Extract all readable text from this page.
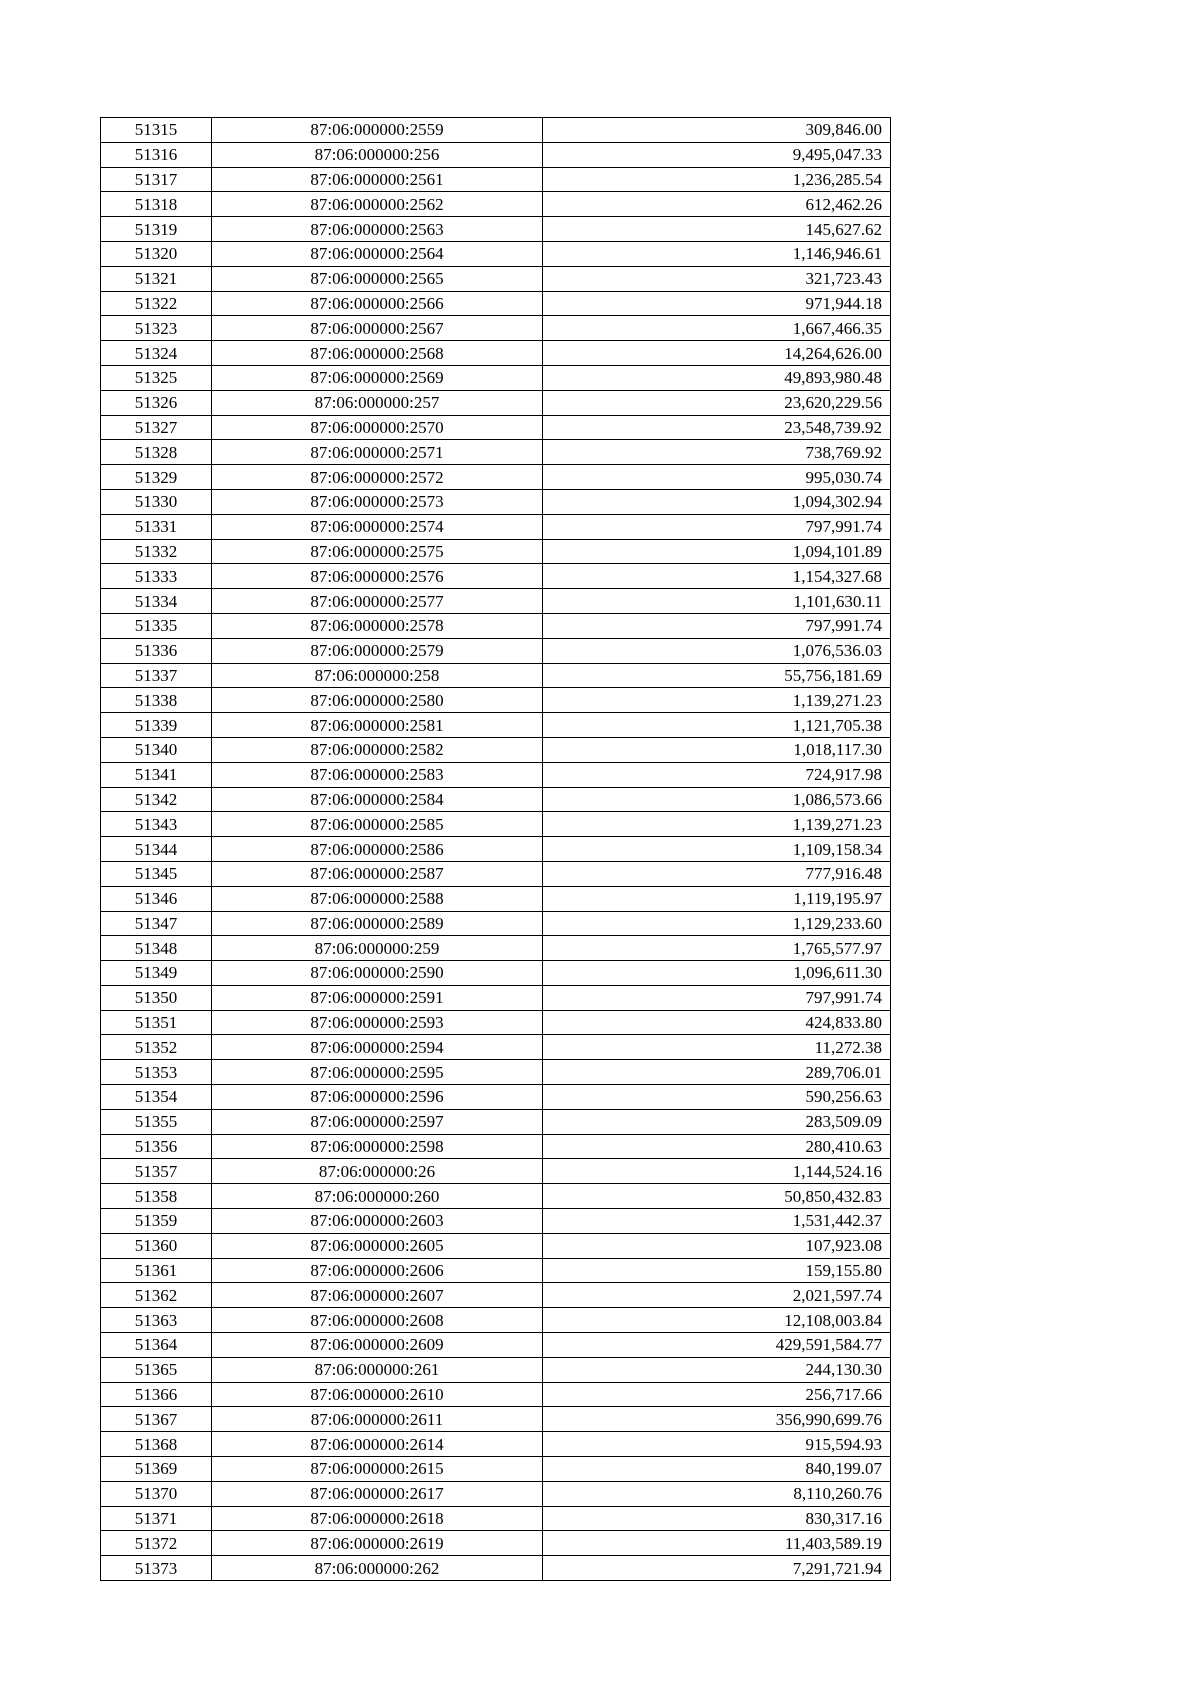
51315	87:06:000000:2559	309,846.00
51316	87:06:000000:256	9,495,047.33
51317	87:06:000000:2561	1,236,285.54
51318	87:06:000000:2562	612,462.26
51319	87:06:000000:2563	145,627.62
51320	87:06:000000:2564	1,146,946.61
51321	87:06:000000:2565	321,723.43
51322	87:06:000000:2566	971,944.18
51323	87:06:000000:2567	1,667,466.35
51324	87:06:000000:2568	14,264,626.00
51325	87:06:000000:2569	49,893,980.48
51326	87:06:000000:257	23,620,229.56
51327	87:06:000000:2570	23,548,739.92
51328	87:06:000000:2571	738,769.92
51329	87:06:000000:2572	995,030.74
51330	87:06:000000:2573	1,094,302.94
51331	87:06:000000:2574	797,991.74
51332	87:06:000000:2575	1,094,101.89
51333	87:06:000000:2576	1,154,327.68
51334	87:06:000000:2577	1,101,630.11
51335	87:06:000000:2578	797,991.74
51336	87:06:000000:2579	1,076,536.03
51337	87:06:000000:258	55,756,181.69
51338	87:06:000000:2580	1,139,271.23
51339	87:06:000000:2581	1,121,705.38
51340	87:06:000000:2582	1,018,117.30
51341	87:06:000000:2583	724,917.98
51342	87:06:000000:2584	1,086,573.66
51343	87:06:000000:2585	1,139,271.23
51344	87:06:000000:2586	1,109,158.34
51345	87:06:000000:2587	777,916.48
51346	87:06:000000:2588	1,119,195.97
51347	87:06:000000:2589	1,129,233.60
51348	87:06:000000:259	1,765,577.97
51349	87:06:000000:2590	1,096,611.30
51350	87:06:000000:2591	797,991.74
51351	87:06:000000:2593	424,833.80
51352	87:06:000000:2594	11,272.38
51353	87:06:000000:2595	289,706.01
51354	87:06:000000:2596	590,256.63
51355	87:06:000000:2597	283,509.09
51356	87:06:000000:2598	280,410.63
51357	87:06:000000:26	1,144,524.16
51358	87:06:000000:260	50,850,432.83
51359	87:06:000000:2603	1,531,442.37
51360	87:06:000000:2605	107,923.08
51361	87:06:000000:2606	159,155.80
51362	87:06:000000:2607	2,021,597.74
51363	87:06:000000:2608	12,108,003.84
51364	87:06:000000:2609	429,591,584.77
51365	87:06:000000:261	244,130.30
51366	87:06:000000:2610	256,717.66
51367	87:06:000000:2611	356,990,699.76
51368	87:06:000000:2614	915,594.93
51369	87:06:000000:2615	840,199.07
51370	87:06:000000:2617	8,110,260.76
51371	87:06:000000:2618	830,317.16
51372	87:06:000000:2619	11,403,589.19
51373	87:06:000000:262	7,291,721.94
